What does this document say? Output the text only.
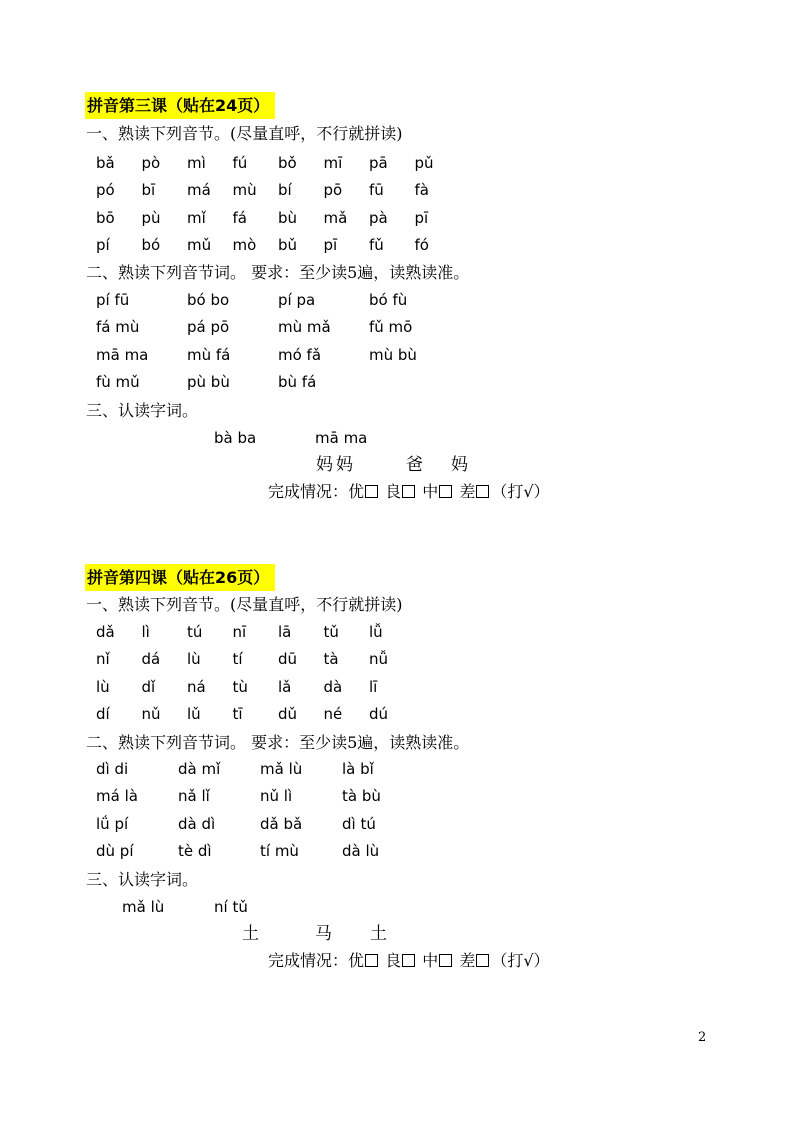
拼音第三课（贴在24页）
一、熟读下列音节。(尽量直呼，不行就拼读)
bǎ pò mì fú bǒ mī pā pǔ
pó bī má mù bí pō fū fà
bō pù mǐ fá bù mǎ pà pī
pí bó mǔ mò bǔ pī fǔ fó
二、熟读下列音节词。 要求：至少读5遍，读熟读准。
pí fū	bó bo	pí pa	bó fù
fá mù	pá pō	mù mǎ	fǔ mō
mā ma	mù fá	mó fǎ	mù bù
fù mǔ	pù bù	bù fá
三、认读字词。
bà ba	mā ma
妈妈	爸 妈
完成情况：优 良 中 差 （打√）
拼音第四课（贴在26页）
一、熟读下列音节。(尽量直呼，不行就拼读)
dǎ lì tú nī lā tǔ lǚ
nǐ dá lù tí dū tà nǚ
lù dǐ ná tù lǎ dà lī
dí nǔ lǔ tī dǔ né dú
二、熟读下列音节词。 要求：至少读5遍，读熟读准。
dì di	dà mǐ	mǎ lù	là bǐ
má là	nǎ lǐ	nǔ lì	tà bù
lǘ pí	dà dì	dǎ bǎ	dì tú
dù pí	tè dì	tí mù	dà lù
三、认读字词。
mǎ lù	ní tǔ
土	马 土
完成情况：优 良 中 差 （打√）
2
